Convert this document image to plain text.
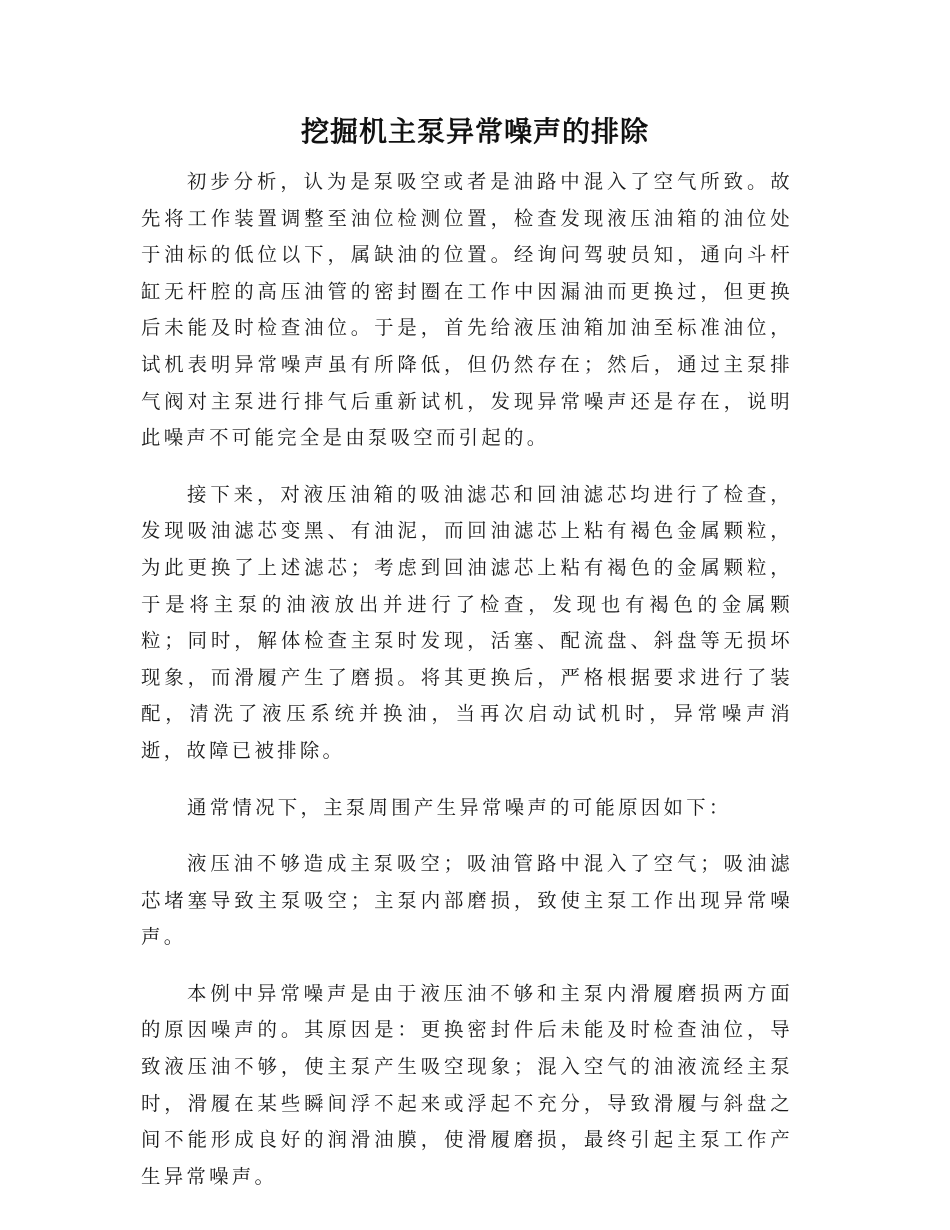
挖掘机主泵异常噪声的排除

初步分析，认为是泵吸空或者是油路中混入了空气所致。故先将工作装置调整至油位检测位置，检查发现液压油箱的油位处于油标的低位以下，属缺油的位置。经询问驾驶员知，通向斗杆缸无杆腔的高压油管的密封圈在工作中因漏油而更换过，但更换后未能及时检查油位。于是，首先给液压油箱加油至标准油位，试机表明异常噪声虽有所降低，但仍然存在；然后，通过主泵排气阀对主泵进行排气后重新试机，发现异常噪声还是存在，说明此噪声不可能完全是由泵吸空而引起的。

接下来，对液压油箱的吸油滤芯和回油滤芯均进行了检查，发现吸油滤芯变黑、有油泥，而回油滤芯上粘有褐色金属颗粒，为此更换了上述滤芯；考虑到回油滤芯上粘有褐色的金属颗粒，于是将主泵的油液放出并进行了检查，发现也有褐色的金属颗粒；同时，解体检查主泵时发现，活塞、配流盘、斜盘等无损坏现象，而滑履产生了磨损。将其更换后，严格根据要求进行了装配，清洗了液压系统并换油，当再次启动试机时，异常噪声消逝，故障已被排除。

通常情况下，主泵周围产生异常噪声的可能原因如下：

液压油不够造成主泵吸空；吸油管路中混入了空气；吸油滤芯堵塞导致主泵吸空；主泵内部磨损，致使主泵工作出现异常噪声。

本例中异常噪声是由于液压油不够和主泵内滑履磨损两方面的原因噪声的。其原因是：更换密封件后未能及时检查油位，导致液压油不够，使主泵产生吸空现象；混入空气的油液流经主泵时，滑履在某些瞬间浮不起来或浮起不充分，导致滑履与斜盘之间不能形成良好的润滑油膜，使滑履磨损，最终引起主泵工作产生异常噪声。
